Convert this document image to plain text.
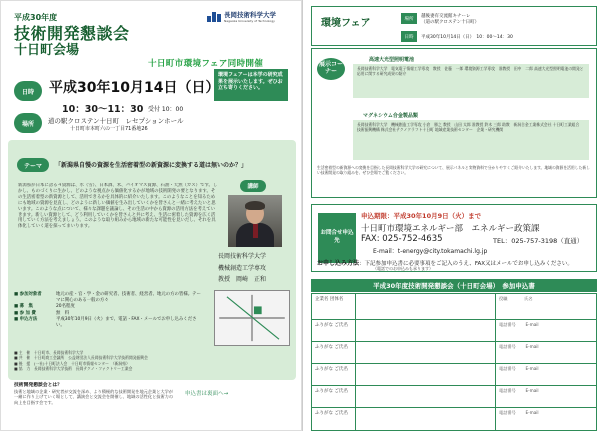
平成30年度
技術開発懇談会
十日町会場
長岡技術科学大学
Nagaoka University of Technology
十日町市環境フェア同時開催
環境フェアーは本学の研究成果を展示いたします。ぜひお立ち寄りください。
日時	平成30年10月14日（日）
10：30～11：30 受付 10：00
場所	道の駅クロステン十日町　レセプションホール
十日町市本町六の一丁目71番地26
テーマ	「新潟県自慢の資源を生活密着型の新資源に変換する道は無いのか？」
新潟県が日本に誇る４資源は、水（雪）、日本酒、米、バイオマス資源、石油・天然（ガス）です。しかし、ものづくりに生かし、どのような視点から価値化するかが地域の技術開発の要となります。その生活密着型の新資源として、活用できるかを具体的に紹介いたします。このようなことを知るためにも地域の資源を見直し、どのように新しい価値を生み出していくかを皆さんと一緒に考えたいと思います。このような点について、様々な課題を議論し、その生活の中から資源の活用方法を考えていきます。新しい資源として、どう利用していくかを皆さんと共に考え、生活に密着した資源を広く活用していく方法を考えましょう。このような取り組みから地域の新たな可能性を見いだし、それを具体化していく道を探ってまいります。
講師
長岡技術科学大学
機械創造工学専攻
教授　岡崎　正和
■ 参加対象者	地元の産・官・学・金の研究者、技術者、経営者、地元の方の皆様。テーマに関心のある一般の方々
■ 募　集	20名程度
■ 参 加 費	無　料
■ 申込方法	平成30年10月9日（火）まで、電話・FAX・メールでお申し込みください。
■ 主　催　十日町市、長岡技術科学大学
■ 共　催　十日町商工会議所　公益財団法人長岡技術科学大学技術開発振興会
■ 後　援　(一社)十日町法人会　十日町市情報センター　（新潟県）
■ 協　力　長岡技術科学大学技術　長岡テクノ・ファクトリー工業会
技術開発懇談会とは？
技術と地域の企業・研究者が交流を深め、より積極的な技術開発を地元企業と大学が一緒に作り上げていく場として、講演会と交流会を開催し、地域の活性化と技術力の向上を目指す会です。
申込書は裏面へ→
環境フェア	場所	越後妻有交流館キナーレ
（道の駅クロステン十日町）
日時	平成30年10月14日（日）　10：00～14：30
展示コーナー
高速大光型照明電池
長岡技術科学大学　電気電子情報工学専攻　教授　佐藤　一郎 環境資源工学専攻　准教授　田中　二郎 高速大光型照明電池の開発と応用に関する研究成果の紹介
マグネシウム合金製品類
長岡技術科学大学　機械創造工学専攻 小倉　勝之 教授　山田 太郎 准教授 鈴木 三郎 助教　新潟合金工業株式会社 十日町工業組合　技術振興機構 株式会社テクノクラフト十日町 地域産業技術センター　企業・研究機関
生活密着型の新資源への変換を目指した長岡技術科学大学の研究について、展示パネルと実物資料で分かりやすくご紹介いたします。地域の資源を活用した新しい技術開発の取り組みを、ぜひ会場でご覧ください。
お問合せ申込先
申込期限：平成30年10月9日（火）まで
十日町市環境エネルギー部　エネルギー政策課
FAX: 025-752-4635	TEL：025-757-3198（直通）
E-mail：t-energy@city.tokamachi.lg.jp
お申し込み方法：下記参加申込書に必要事項をご記入のうえ、FAX又はメールでお申し込みください。
（電話でのお申込みも承ります）
平成30年度技術開発懇談会（十日町会場）　参加申込書
企業名 団体名	役職　　　　氏名
ふりがな ご氏名	電話番号　　 E-mail
ふりがな ご氏名	電話番号　　 E-mail
ふりがな ご氏名	電話番号　　 E-mail
ふりがな ご氏名	電話番号　　 E-mail
ふりがな ご氏名	電話番号　　 E-mail
